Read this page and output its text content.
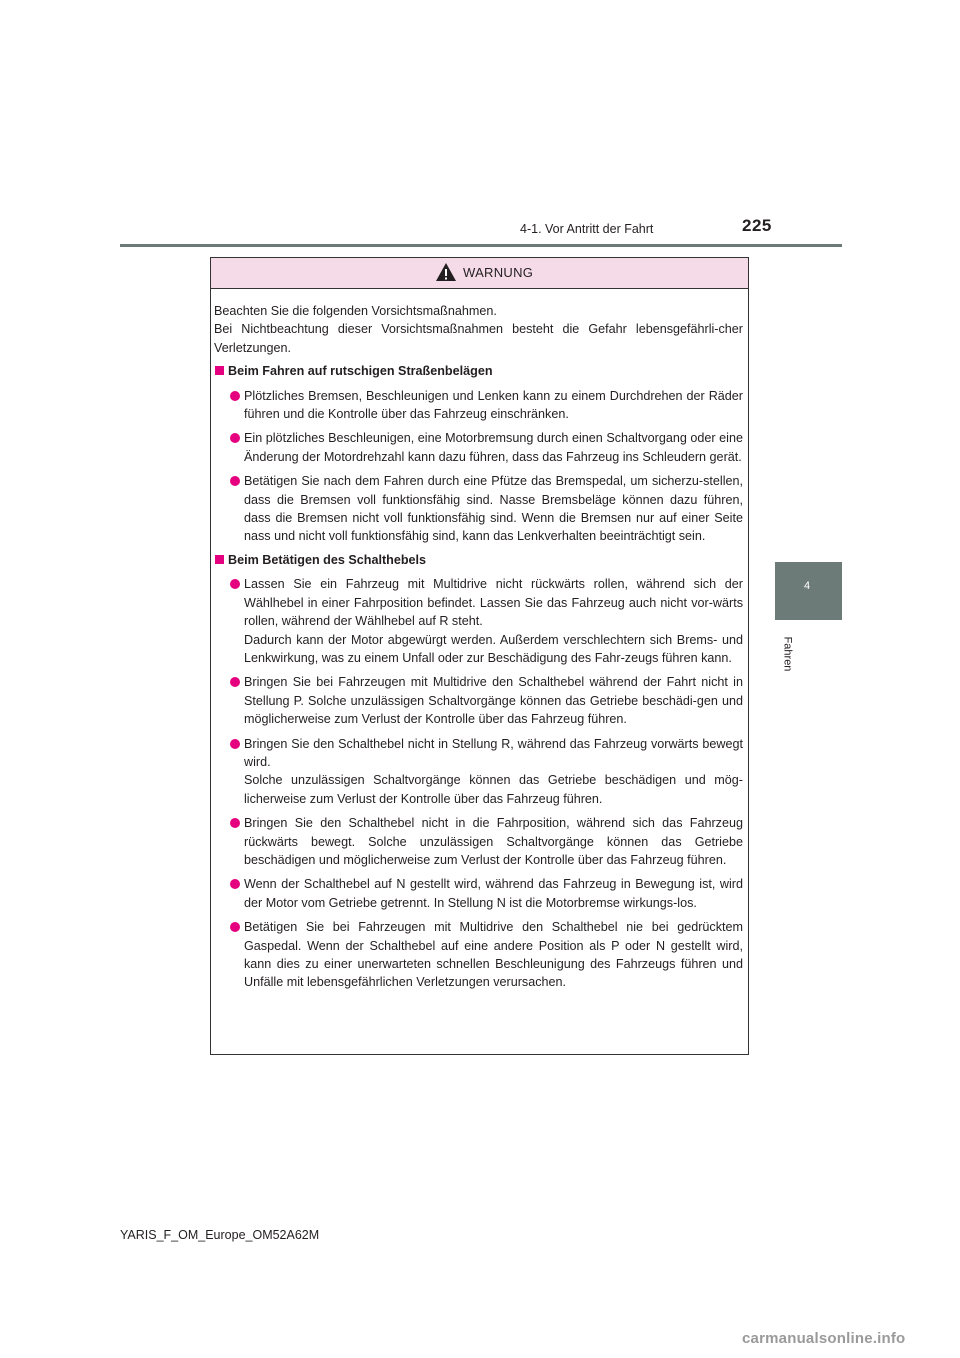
225
4-1. Vor Antritt der Fahrt
4
Fahren
WARNUNG

Beachten Sie die folgenden Vorsichtsmaßnahmen.

Bei Nichtbeachtung dieser Vorsichtsmaßnahmen besteht die Gefahr lebensgefährli-cher Verletzungen.

Beim Fahren auf rutschigen Straßenbelägen
Plötzliches Bremsen, Beschleunigen und Lenken kann zu einem Durchdrehen der Räder führen und die Kontrolle über das Fahrzeug einschränken.
Ein plötzliches Beschleunigen, eine Motorbremsung durch einen Schaltvorgang oder eine Änderung der Motordrehzahl kann dazu führen, dass das Fahrzeug ins Schleudern gerät.
Betätigen Sie nach dem Fahren durch eine Pfütze das Bremspedal, um sicherzu-stellen, dass die Bremsen voll funktionsfähig sind. Nasse Bremsbeläge können dazu führen, dass die Bremsen nicht voll funktionsfähig sind. Wenn die Bremsen nur auf einer Seite nass und nicht voll funktionsfähig sind, kann das Lenkverhalten beeinträchtigt sein.
Beim Betätigen des Schalthebels
Lassen Sie ein Fahrzeug mit Multidrive nicht rückwärts rollen, während sich der Wählhebel in einer Fahrposition befindet. Lassen Sie das Fahrzeug auch nicht vor-wärts rollen, während der Wählhebel auf R steht.
Dadurch kann der Motor abgewürgt werden. Außerdem verschlechtern sich Brems- und Lenkwirkung, was zu einem Unfall oder zur Beschädigung des Fahr-zeugs führen kann.
Bringen Sie bei Fahrzeugen mit Multidrive den Schalthebel während der Fahrt nicht in Stellung P. Solche unzulässigen Schaltvorgänge können das Getriebe beschädi-gen und möglicherweise zum Verlust der Kontrolle über das Fahrzeug führen.
Bringen Sie den Schalthebel nicht in Stellung R, während das Fahrzeug vorwärts bewegt wird.
Solche unzulässigen Schaltvorgänge können das Getriebe beschädigen und mög-licherweise zum Verlust der Kontrolle über das Fahrzeug führen.
Bringen Sie den Schalthebel nicht in die Fahrposition, während sich das Fahrzeug rückwärts bewegt. Solche unzulässigen Schaltvorgänge können das Getriebe beschädigen und möglicherweise zum Verlust der Kontrolle über das Fahrzeug führen.
Wenn der Schalthebel auf N gestellt wird, während das Fahrzeug in Bewegung ist, wird der Motor vom Getriebe getrennt. In Stellung N ist die Motorbremse wirkungs-los.
Betätigen Sie bei Fahrzeugen mit Multidrive den Schalthebel nie bei gedrücktem Gaspedal. Wenn der Schalthebel auf eine andere Position als P oder N gestellt wird, kann dies zu einer unerwarteten schnellen Beschleunigung des Fahrzeugs führen und Unfälle mit lebensgefährlichen Verletzungen verursachen.
YARIS_F_OM_Europe_OM52A62M
carmanualsonline.info
